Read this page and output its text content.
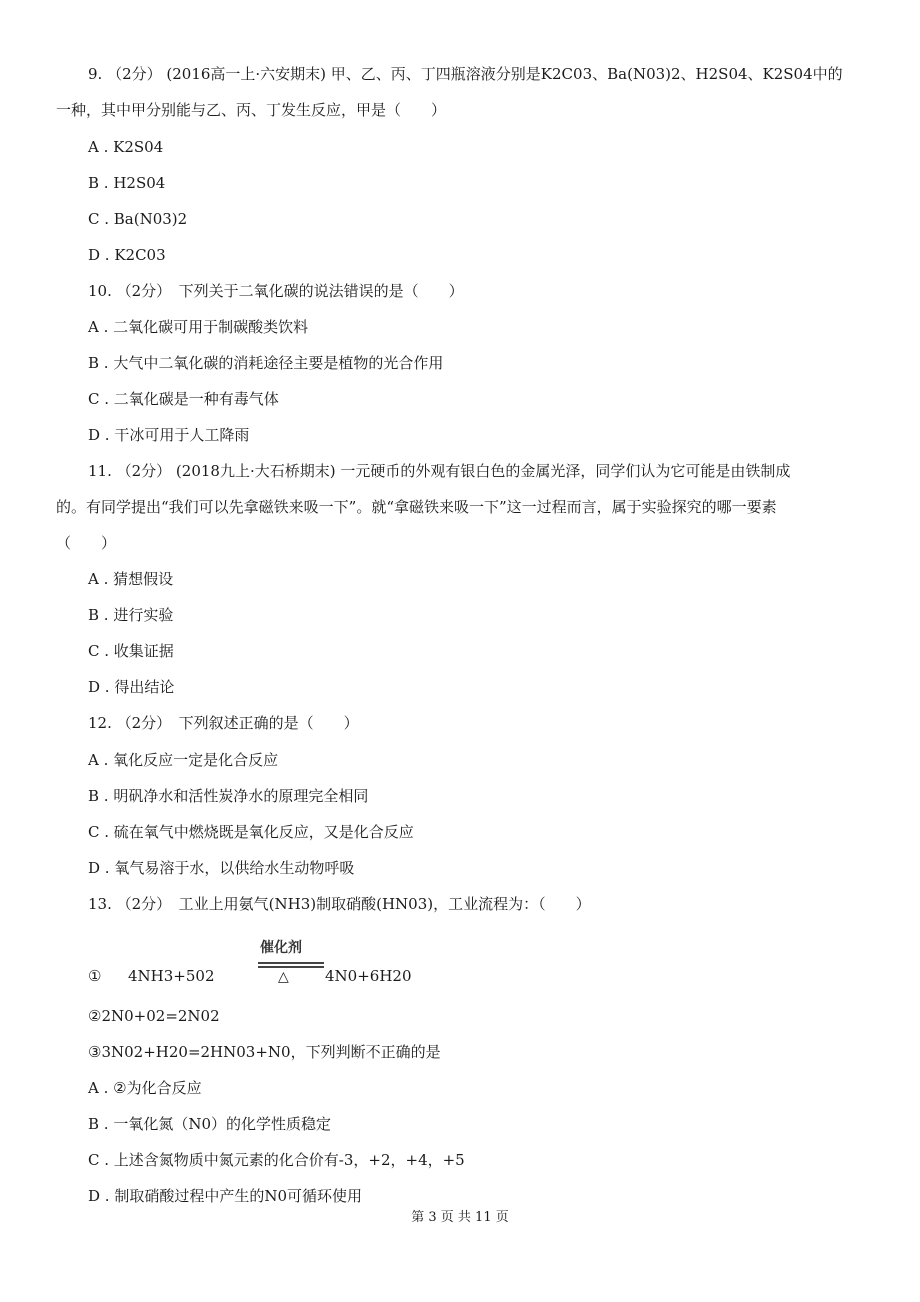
9. （2分） (2016高一上·六安期末) 甲、乙、丙、丁四瓶溶液分别是K2C03、Ba(N03)2、H2S04、K2S04中的
一种，其中甲分别能与乙、丙、丁发生反应，甲是（　　）
A . K2S04
B . H2S04
C . Ba(N03)2
D . K2C03
10. （2分）　下列关于二氧化碳的说法错误的是（　　）
A . 二氧化碳可用于制碳酸类饮料
B . 大气中二氧化碳的消耗途径主要是植物的光合作用
C . 二氧化碳是一种有毒气体
D . 干冰可用于人工降雨
11. （2分） (2018九上·大石桥期末) 一元硬币的外观有银白色的金属光泽，同学们认为它可能是由铁制成
的。有同学提出“我们可以先拿磁铁来吸一下”。就“拿磁铁来吸一下”这一过程而言，属于实验探究的哪一要素
（　　）
A . 猜想假设
B . 进行实验
C . 收集证据
D . 得出结论
12. （2分）　下列叙述正确的是（　　）
A . 氧化反应一定是化合反应
B . 明矾净水和活性炭净水的原理完全相同
C . 硫在氧气中燃烧既是氧化反应，又是化合反应
D . 氧气易溶于水，以供给水生动物呼吸
13. （2分）　工业上用氨气(NH3)制取硝酸(HN03)，工业流程为：（　　）
① 4NH3+502
催化剂
△ 4N0+6H20
②2N0+02=2N02
③3N02+H20=2HN03+N0，下列判断不正确的是
A . ②为化合反应
B . 一氧化氮（N0）的化学性质稳定
C . 上述含氮物质中氮元素的化合价有-3，+2，+4，+5
D . 制取硝酸过程中产生的N0可循环使用
第 3 页 共 11 页
